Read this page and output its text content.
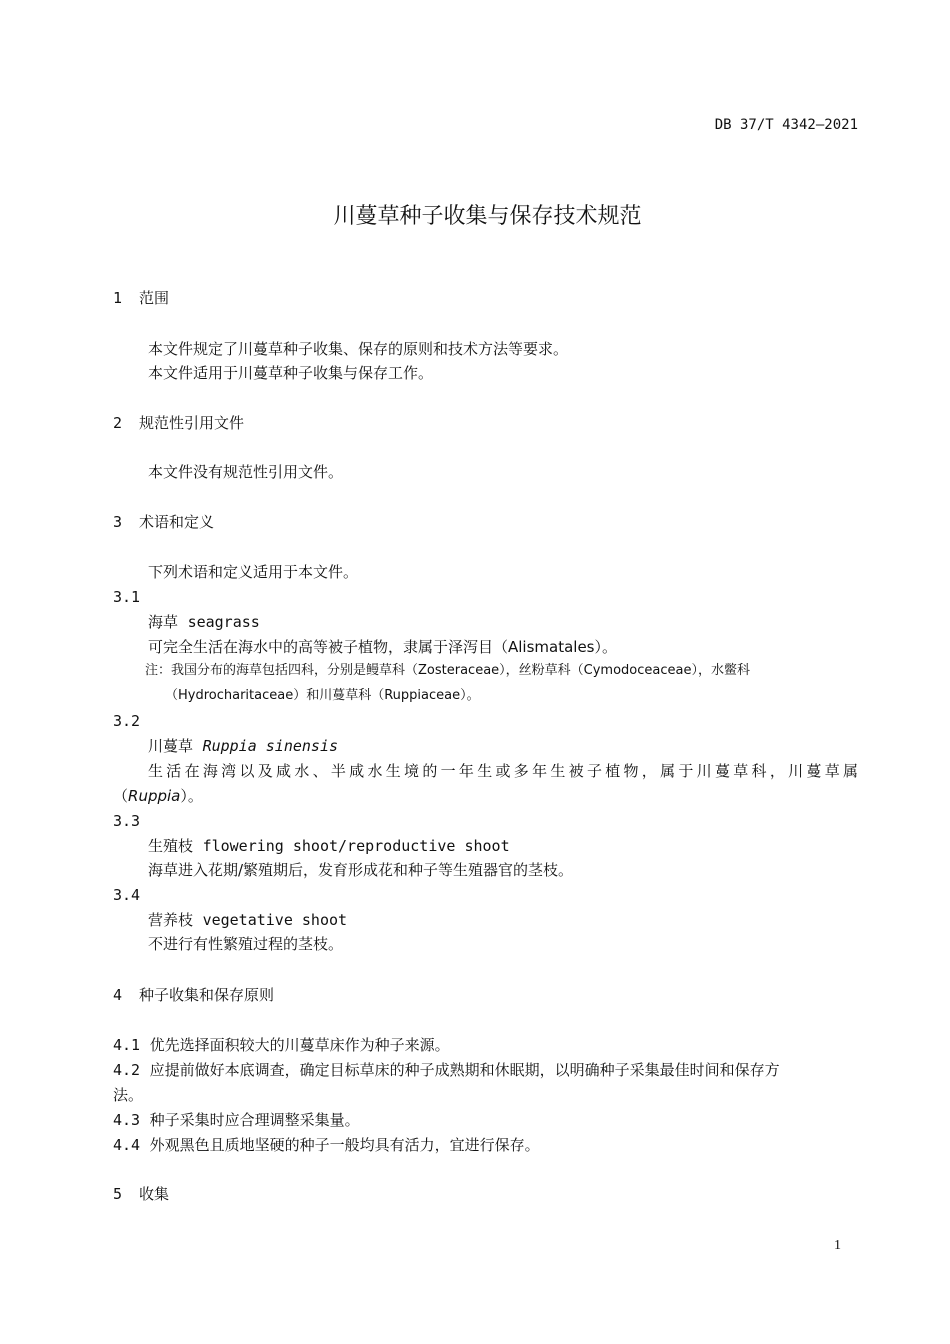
DB 37/T 4342—2021
川蔓草种子收集与保存技术规范
1 范围
本文件规定了川蔓草种子收集、保存的原则和技术方法等要求。
本文件适用于川蔓草种子收集与保存工作。
2 规范性引用文件
本文件没有规范性引用文件。
3 术语和定义
下列术语和定义适用于本文件。
3.1
海草 seagrass
可完全生活在海水中的高等被子植物，隶属于泽泻目（Alismatales）。
注：我国分布的海草包括四科，分别是鳗草科（Zosteraceae），丝粉草科（Cymodoceaceae），水鳖科
（Hydrocharitaceae）和川蔓草科（Ruppiaceae）。
3.2
川蔓草 Ruppia sinensis
生活在海湾以及咸水、半咸水生境的一年生或多年生被子植物，属于川蔓草科，川蔓草属
（Ruppia）。
3.3
生殖枝 flowering shoot/reproductive shoot
海草进入花期/繁殖期后，发育形成花和种子等生殖器官的茎枝。
3.4
营养枝 vegetative shoot
不进行有性繁殖过程的茎枝。
4 种子收集和保存原则
4.1 优先选择面积较大的川蔓草床作为种子来源。
4.2 应提前做好本底调查，确定目标草床的种子成熟期和休眠期，以明确种子采集最佳时间和保存方
法。
4.3 种子采集时应合理调整采集量。
4.4 外观黑色且质地坚硬的种子一般均具有活力，宜进行保存。
5 收集
1
